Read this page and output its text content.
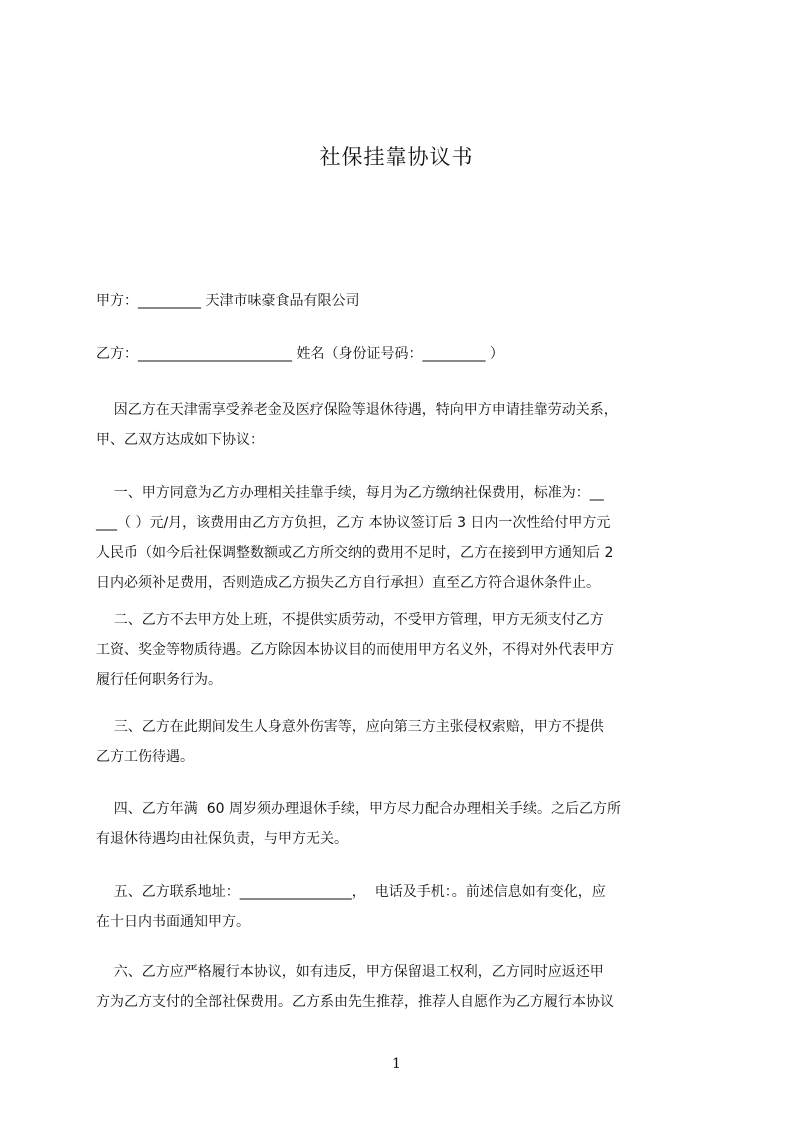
社保挂靠协议书
甲方：_________ 天津市味豪食品有限公司
乙方：______________________ 姓名（身份证号码：_________ ）
因乙方在天津需享受养老金及医疗保险等退休待遇，特向甲方申请挂靠劳动关系，
甲、乙双方达成如下协议：
一、甲方同意为乙方办理相关挂靠手续，每月为乙方缴纳社保费用，标准为：__
___（ ）元/月，该费用由乙方方负担，乙方 本协议签订后 3 日内一次性给付甲方元
人民币（如今后社保调整数额或乙方所交纳的费用不足时，乙方在接到甲方通知后 2
日内必须补足费用，否则造成乙方损失乙方自行承担）直至乙方符合退休条件止。
二、乙方不去甲方处上班，不提供实质劳动，不受甲方管理，甲方无须支付乙方
工资、奖金等物质待遇。乙方除因本协议目的而使用甲方名义外，不得对外代表甲方
履行任何职务行为。
三、乙方在此期间发生人身意外伤害等，应向第三方主张侵权索赔，甲方不提供
乙方工伤待遇。
四、乙方年满  60 周岁须办理退休手续，甲方尽力配合办理相关手续。之后乙方所
有退休待遇均由社保负责，与甲方无关。
五、乙方联系地址：________________，  电话及手机：。前述信息如有变化，应
在十日内书面通知甲方。
六、乙方应严格履行本协议，如有违反，甲方保留退工权利，乙方同时应返还甲
方为乙方支付的全部社保费用。乙方系由先生推荐，推荐人自愿作为乙方履行本协议
1
